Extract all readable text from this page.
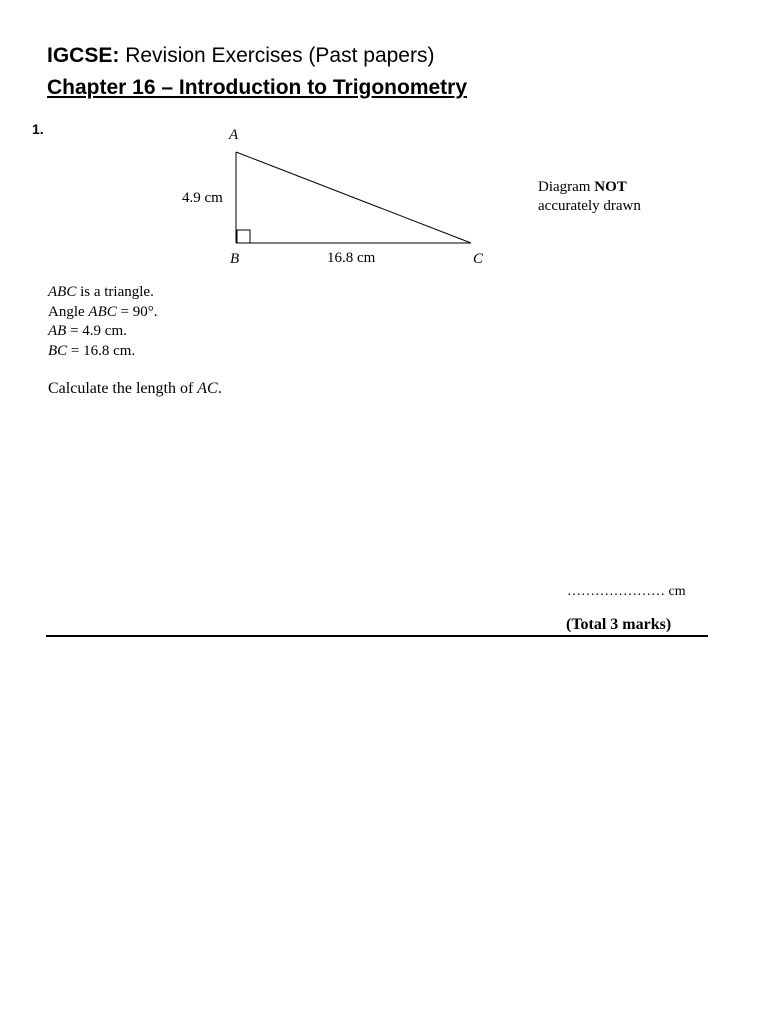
IGCSE: Revision Exercises (Past papers)
Chapter 16 – Introduction to Trigonometry
1.	A
B	C
4.9 cm
16.8 cm
Diagram NOT
accurately drawn
ABC is a triangle.
Angle ABC = 90°.
AB = 4.9 cm.
BC = 16.8 cm.
Calculate the length of AC.
………………… cm
(Total 3 marks)
